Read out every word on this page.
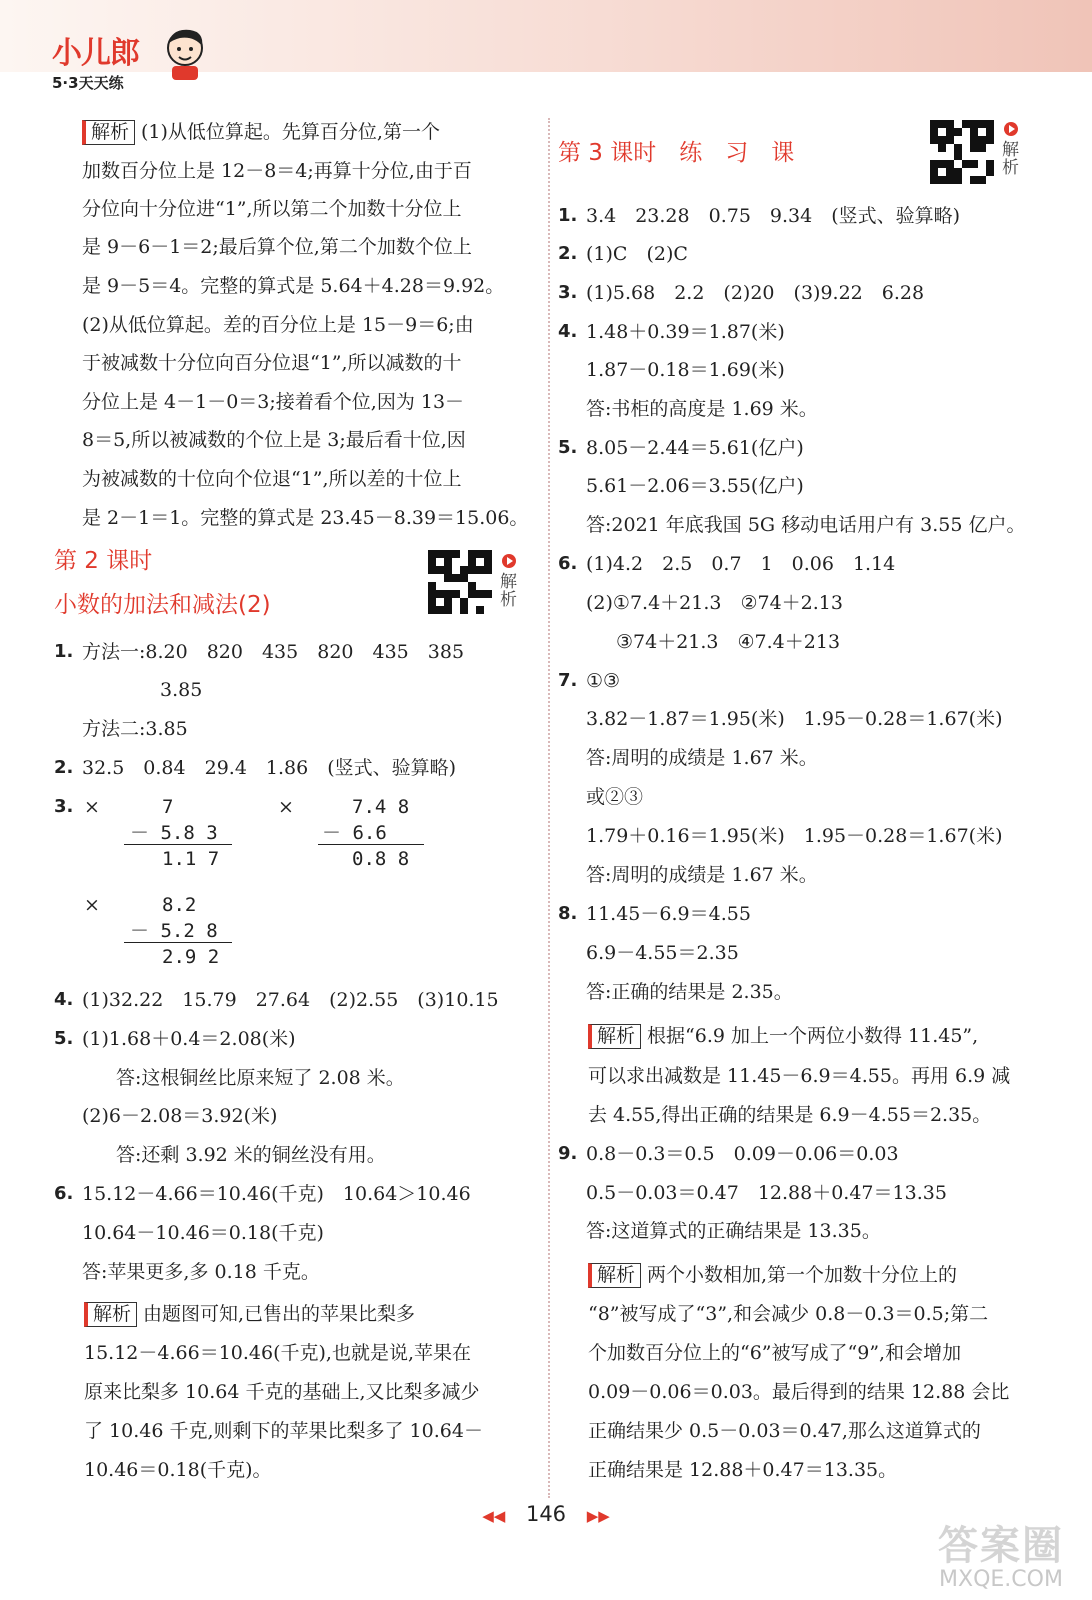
小儿郎
5·3天天练
解析 (1)从低位算起。先算百分位,第一个
加数百分位上是 12－8＝4;再算十分位,由于百
分位向十分位进“1”,所以第二个加数十分位上
是 9－6－1＝2;最后算个位,第二个加数个位上
是 9－5＝4。完整的算式是 5.64＋4.28＝9.92。
(2)从低位算起。差的百分位上是 15－9＝6;由
于被减数十分位向百分位退“1”,所以减数的十
分位上是 4－1－0＝3;接着看个位,因为 13－
8＝5,所以被减数的个位上是 3;最后看十位,因
为被减数的十位向个位退“1”,所以差的十位上
是 2－1＝1。完整的算式是 23.45－8.39＝15.06。
第 2 课时
小数的加法和减法(2)
解析
1. 方法一:8.20　820　435　820　435　385
3.85
方法二:3.85
2. 32.5　0.84　29.4　1.86　(竖式、验算略)
3. ×	7
－ 5.8 3
1.1 7
×	7.4 8
－ 6.6
0.8 8
×	8.2
－ 5.2 8
2.9 2
4. (1)32.22　15.79　27.64　(2)2.55　(3)10.15
5. (1)1.68＋0.4＝2.08(米)
答:这根铜丝比原来短了 2.08 米。
(2)6－2.08＝3.92(米)
答:还剩 3.92 米的铜丝没有用。
6. 15.12－4.66＝10.46(千克)　10.64＞10.46
10.64－10.46＝0.18(千克)
答:苹果更多,多 0.18 千克。
解析 由题图可知,已售出的苹果比梨多
15.12－4.66＝10.46(千克),也就是说,苹果在
原来比梨多 10.64 千克的基础上,又比梨多减少
了 10.46 千克,则剩下的苹果比梨多了 10.64－
10.46＝0.18(千克)。
第 3 课时　练　习　课	解析
1. 3.4　23.28　0.75　9.34　(竖式、验算略)
2. (1)C　(2)C
3. (1)5.68　2.2　(2)20　(3)9.22　6.28
4. 1.48＋0.39＝1.87(米)
1.87－0.18＝1.69(米)
答:书柜的高度是 1.69 米。
5. 8.05－2.44＝5.61(亿户)
5.61－2.06＝3.55(亿户)
答:2021 年底我国 5G 移动电话用户有 3.55 亿户。
6. (1)4.2　2.5　0.7　1　0.06　1.14
(2)①7.4＋21.3　②74＋2.13
③74＋21.3　④7.4＋213
7. ①③
3.82－1.87＝1.95(米)　1.95－0.28＝1.67(米)
答:周明的成绩是 1.67 米。
或②③
1.79＋0.16＝1.95(米)　1.95－0.28＝1.67(米)
答:周明的成绩是 1.67 米。
8. 11.45－6.9＝4.55
6.9－4.55＝2.35
答:正确的结果是 2.35。
解析 根据“6.9 加上一个两位小数得 11.45”,
可以求出减数是 11.45－6.9＝4.55。再用 6.9 减
去 4.55,得出正确的结果是 6.9－4.55＝2.35。
9. 0.8－0.3＝0.5　0.09－0.06＝0.03
0.5－0.03＝0.47　12.88＋0.47＝13.35
答:这道算式的正确结果是 13.35。
解析 两个小数相加,第一个加数十分位上的
“8”被写成了“3”,和会减少 0.8－0.3＝0.5;第二
个加数百分位上的“6”被写成了“9”,和会增加
0.09－0.06＝0.03。最后得到的结果 12.88 会比
正确结果少 0.5－0.03＝0.47,那么这道算式的
正确结果是 12.88＋0.47＝13.35。
◀◀ 146 ▶▶
答案圈
MXQE.COM
